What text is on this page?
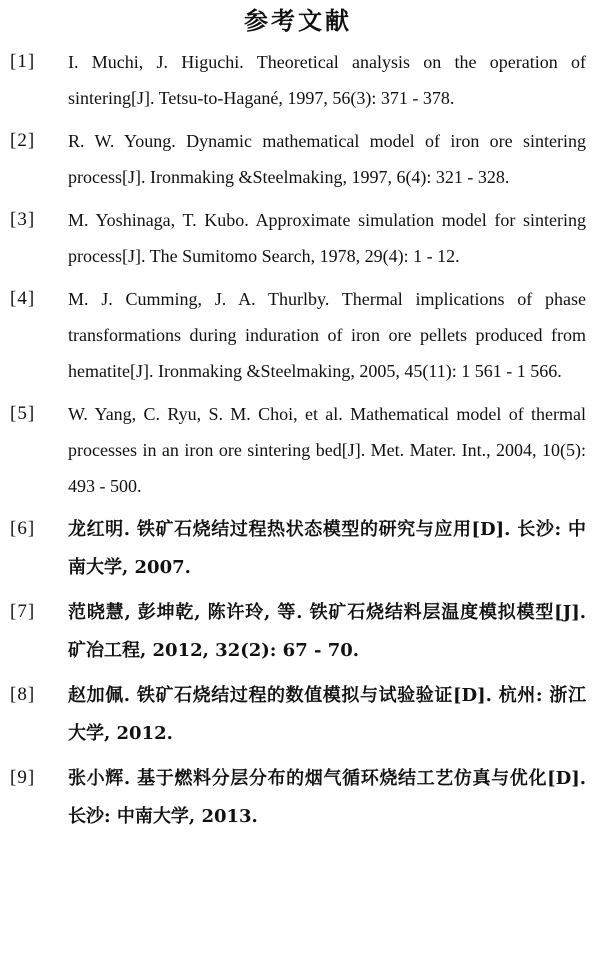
参考文献
[1]	I. Muchi, J. Higuchi. Theoretical analysis on the operation of sintering[J]. Tetsu-to-Hagané, 1997, 56(3): 371 - 378.
[2]	R. W. Young. Dynamic mathematical model of iron ore sintering process[J]. Ironmaking &Steelmaking, 1997, 6(4): 321 - 328.
[3]	M. Yoshinaga, T. Kubo. Approximate simulation model for sintering process[J]. The Sumitomo Search, 1978, 29(4): 1 - 12.
[4]	M. J. Cumming, J. A. Thurlby. Thermal implications of phase transformations during induration of iron ore pellets produced from hematite[J]. Ironmaking &Steelmaking, 2005, 45(11): 1 561 - 1 566.
[5]	W. Yang, C. Ryu, S. M. Choi, et al. Mathematical model of thermal processes in an iron ore sintering bed[J]. Met. Mater. Int., 2004, 10(5): 493 - 500.
[6]	龙红明. 铁矿石烧结过程热状态模型的研究与应用[D]. 长沙: 中南大学, 2007.
[7]	范晓慧, 彭坤乾, 陈许玲, 等. 铁矿石烧结料层温度模拟模型[J]. 矿冶工程, 2012, 32(2): 67 - 70.
[8]	赵加佩. 铁矿石烧结过程的数值模拟与试验验证[D]. 杭州: 浙江大学, 2012.
[9]	张小辉. 基于燃料分层分布的烟气循环烧结工艺仿真与优化[D]. 长沙: 中南大学, 2013.
